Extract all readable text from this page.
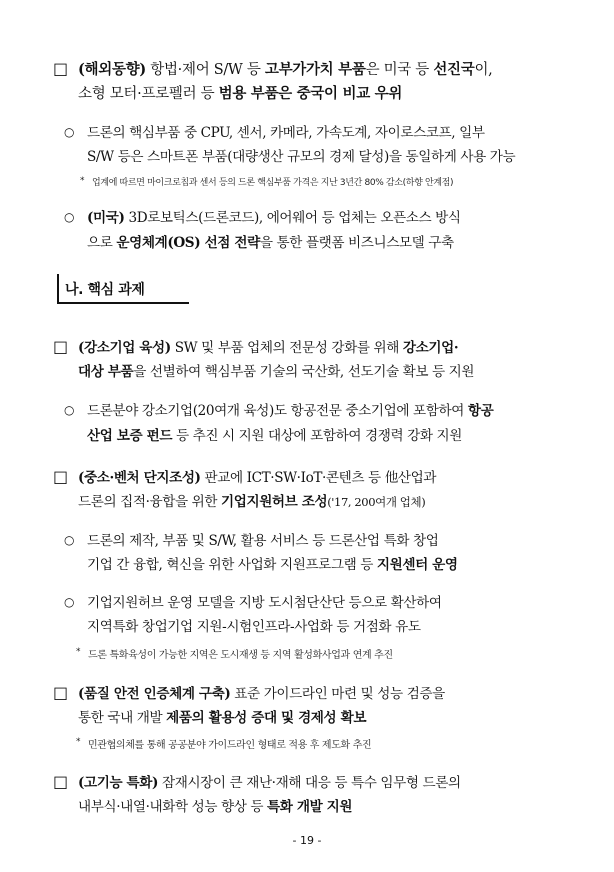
□ (해외동향) 항법·제어 S/W 등 고부가가치 부품은 미국 등 선진국이,
소형 모터·프로펠러 등 범용 부품은 중국이 비교 우위
○ 드론의 핵심부품 중 CPU, 센서, 카메라, 가속도계, 자이로스코프, 일부
S/W 등은 스마트폰 부품(대량생산 규모의 경제 달성)을 동일하게 사용 가능
* 업계에 따르면 마이크로칩과 센서 등의 드론 핵심부품 가격은 지난 3년간 80% 감소(하향 안계점)
○ (미국) 3D로보틱스(드론코드), 에어웨어 등 업체는 오픈소스 방식
으로 운영체계(OS) 선점 전략을 통한 플랫폼 비즈니스모델 구축
나. 핵심 과제
□ (강소기업 육성) SW 및 부품 업체의 전문성 강화를 위해 강소기업·
대상 부품을 선별하여 핵심부품 기술의 국산화, 선도기술 확보 등 지원
○ 드론분야 강소기업(20여개 육성)도 항공전문 중소기업에 포함하여 항공
산업 보증 펀드 등 추진 시 지원 대상에 포함하여 경쟁력 강화 지원
□ (중소·벤처 단지조성) 판교에 ICT·SW·IoT·콘텐츠 등 他산업과
드론의 집적·융합을 위한 기업지원허브 조성('17, 200여개 업체)
○ 드론의 제작, 부품 및 S/W, 활용 서비스 등 드론산업 특화 창업
기업 간 융합, 혁신을 위한 사업화 지원프로그램 등 지원센터 운영
○ 기업지원허브 운영 모델을 지방 도시첨단산단 등으로 확산하여
지역특화 창업기업 지원-시험인프라-사업화 등 거점화 유도
* 드론 특화육성이 가능한 지역은 도시재생 등 지역 활성화사업과 연계 추진
□ (품질 안전 인증체계 구축) 표준 가이드라인 마련 및 성능 검증을
통한 국내 개발 제품의 활용성 증대 및 경제성 확보
* 민관협의체를 통해 공공분야 가이드라인 형태로 적용 후 제도화 추진
□ (고기능 특화) 잠재시장이 큰 재난·재해 대응 등 특수 임무형 드론의
내부식·내열·내화학 성능 향상 등 특화 개발 지원
- 19 -
